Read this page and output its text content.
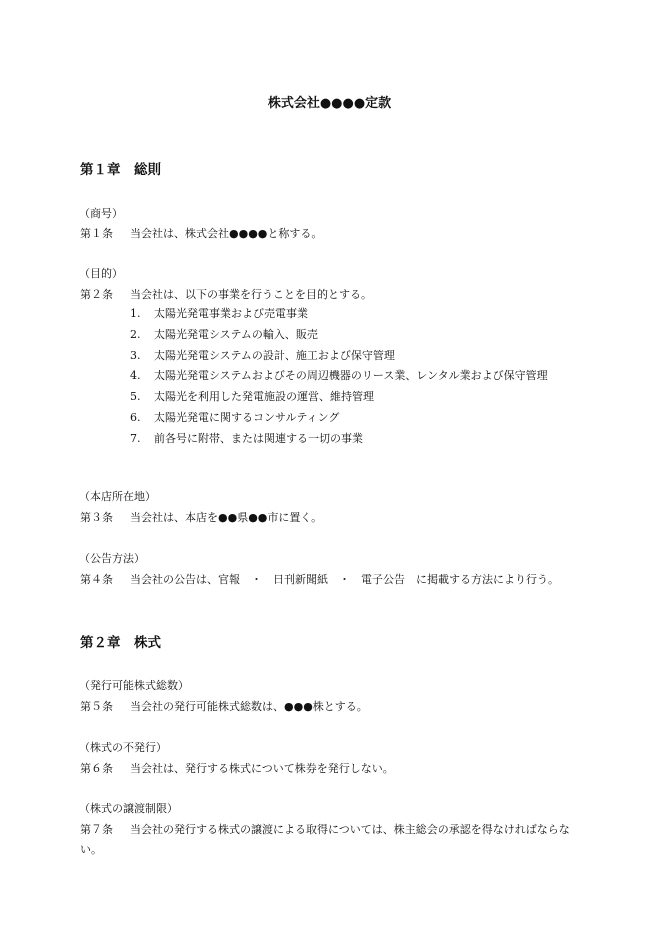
株式会社●●●●定款
第１章　総則
（商号）
第１条 当会社は、株式会社●●●●と称する。
（目的）
第２条 当会社は、以下の事業を行うことを目的とする。
1.	太陽光発電事業および売電事業
2.	太陽光発電システムの輸入、販売
3.	太陽光発電システムの設計、施工および保守管理
4.	太陽光発電システムおよびその周辺機器のリース業、レンタル業および保守管理
5.	太陽光を利用した発電施設の運営、維持管理
6.	太陽光発電に関するコンサルティング
7.	前各号に附帯、または関連する一切の事業
（本店所在地）
第３条 当会社は、本店を●●県●●市に置く。
（公告方法）
第４条 当会社の公告は、官報　・　日刊新聞紙　・　電子公告　に掲載する方法により行う。
第２章　株式
（発行可能株式総数）
第５条 当会社の発行可能株式総数は、●●●株とする。
（株式の不発行）
第６条 当会社は、発行する株式について株券を発行しない。
（株式の譲渡制限）
第７条 当会社の発行する株式の譲渡による取得については、株主総会の承認を得なければならない。
